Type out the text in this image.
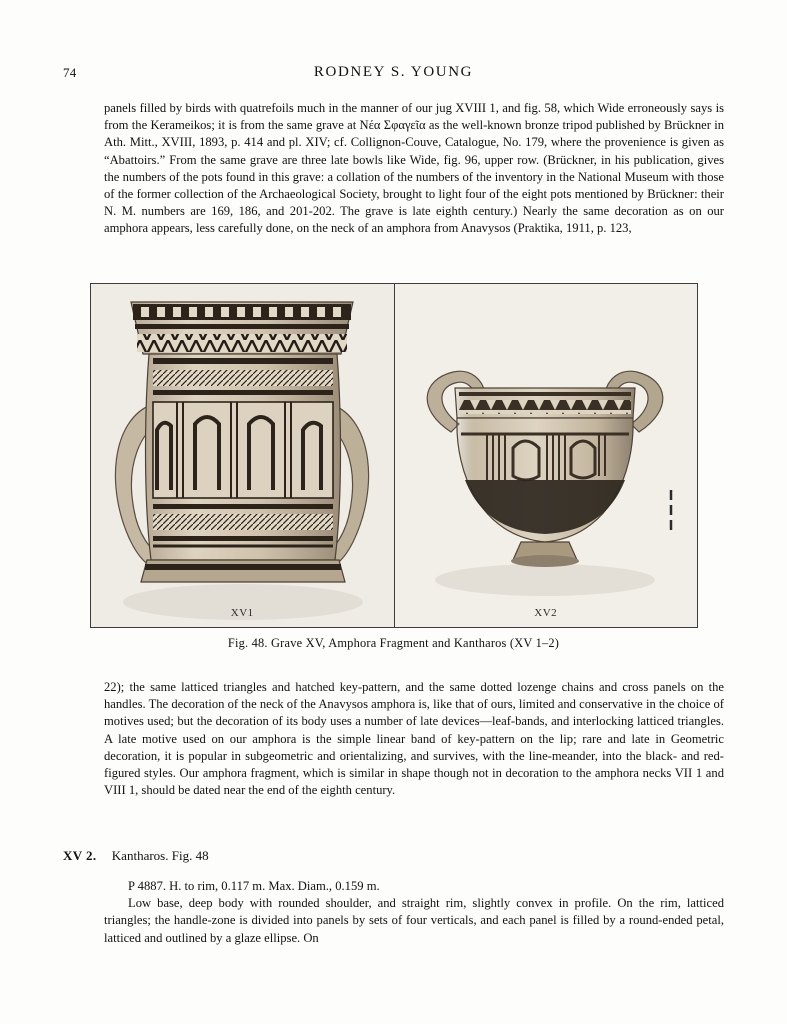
74	RODNEY S. YOUNG

panels filled by birds with quatrefoils much in the manner of our jug XVIII 1, and fig. 58, which Wide erroneously says is from the Kerameikos; it is from the same grave at Νέα Σφαγεῖα as the well-known bronze tripod published by Brückner in Ath. Mitt., XVIII, 1893, p. 414 and pl. XIV; cf. Collignon-Couve, Catalogue, No. 179, where the provenience is given as “Abattoirs.” From the same grave are three late bowls like Wide, fig. 96, upper row. (Brückner, in his publication, gives the numbers of the pots found in this grave: a collation of the numbers of the inventory in the National Museum with those of the former collection of the Archaeological Society, brought to light four of the eight pots mentioned by Brückner: their N. M. numbers are 169, 186, and 201-202. The grave is late eighth century.) Nearly the same decoration as on our amphora appears, less carefully done, on the neck of an amphora from Anavysos (Praktika, 1911, p. 123,

XV1	XV2
Fig. 48. Grave XV, Amphora Fragment and Kantharos (XV 1–2)

22); the same latticed triangles and hatched key-pattern, and the same dotted lozenge chains and cross panels on the handles. The decoration of the neck of the Anavysos amphora is, like that of ours, limited and conservative in the choice of motives used; but the decoration of its body uses a number of late devices—leaf-bands, and interlocking latticed triangles. A late motive used on our amphora is the simple linear band of key-pattern on the lip; rare and late in Geometric decoration, it is popular in subgeometric and orientalizing, and survives, with the line-meander, into the black- and red-figured styles. Our amphora fragment, which is similar in shape though not in decoration to the amphora necks VII 1 and VIII 1, should be dated near the end of the eighth century.

XV 2. Kantharos. Fig. 48

P 4887. H. to rim, 0.117 m. Max. Diam., 0.159 m.

Low base, deep body with rounded shoulder, and straight rim, slightly convex in profile. On the rim, latticed triangles; the handle-zone is divided into panels by sets of four verticals, and each panel is filled by a round-ended petal, latticed and outlined by a glaze ellipse. On
